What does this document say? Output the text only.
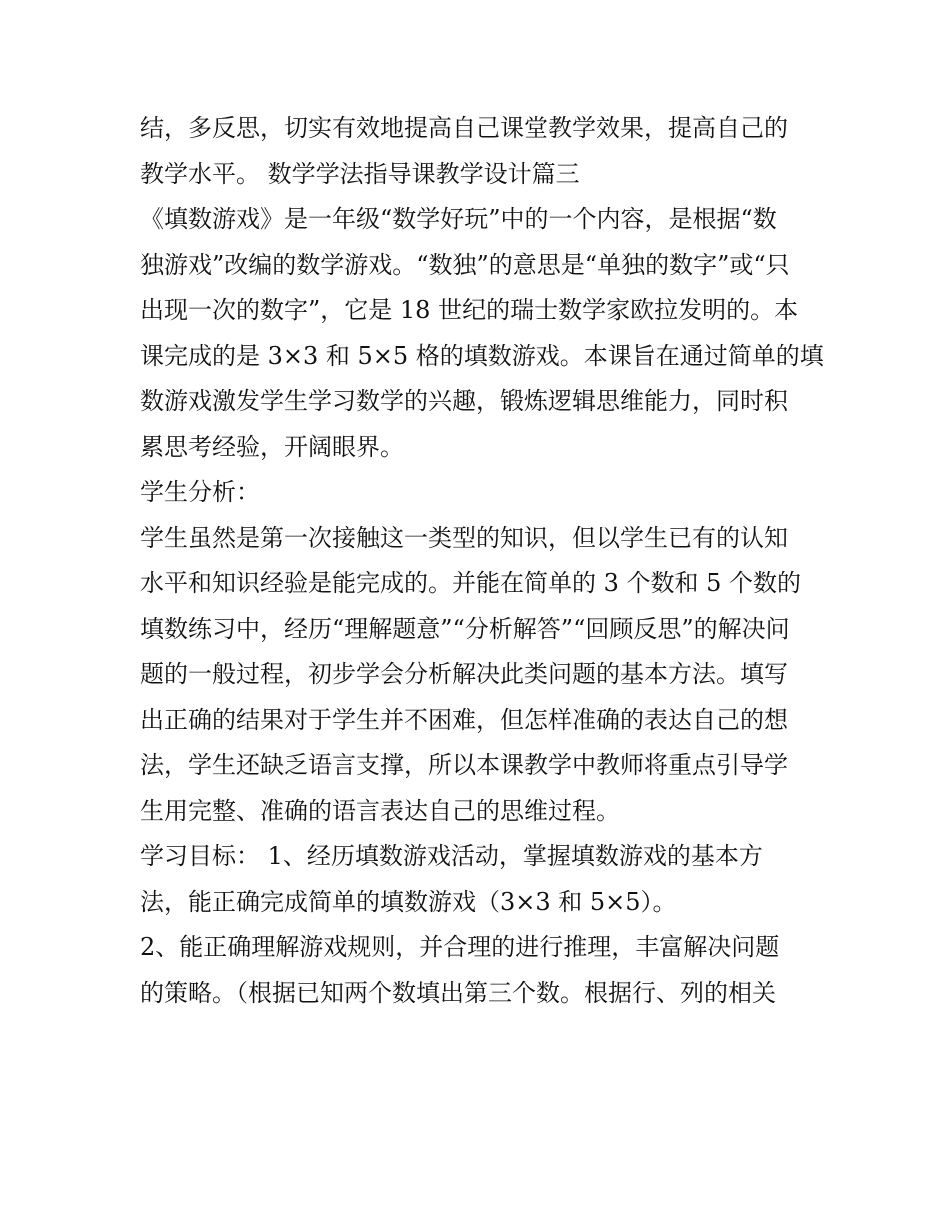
结，多反思，切实有效地提高自己课堂教学效果，提高自己的
教学水平。 数学学法指导课教学设计篇三
《填数游戏》是一年级“数学好玩”中的一个内容，是根据“数
独游戏”改编的数学游戏。“数独”的意思是“单独的数字”或“只
出现一次的数字”，它是 18 世纪的瑞士数学家欧拉发明的。本
课完成的是 3×3 和 5×5 格的填数游戏。本课旨在通过简单的填
数游戏激发学生学习数学的兴趣，锻炼逻辑思维能力，同时积
累思考经验，开阔眼界。
学生分析：
学生虽然是第一次接触这一类型的知识，但以学生已有的认知
水平和知识经验是能完成的。并能在简单的 3 个数和 5 个数的
填数练习中，经历“理解题意”“分析解答”“回顾反思”的解决问
题的一般过程，初步学会分析解决此类问题的基本方法。填写
出正确的结果对于学生并不困难，但怎样准确的表达自己的想
法，学生还缺乏语言支撑，所以本课教学中教师将重点引导学
生用完整、准确的语言表达自己的思维过程。
学习目标： 1、经历填数游戏活动，掌握填数游戏的基本方
法，能正确完成简单的填数游戏（3×3 和 5×5）。
2、能正确理解游戏规则，并合理的进行推理，丰富解决问题
的策略。（根据已知两个数填出第三个数。根据行、列的相关
